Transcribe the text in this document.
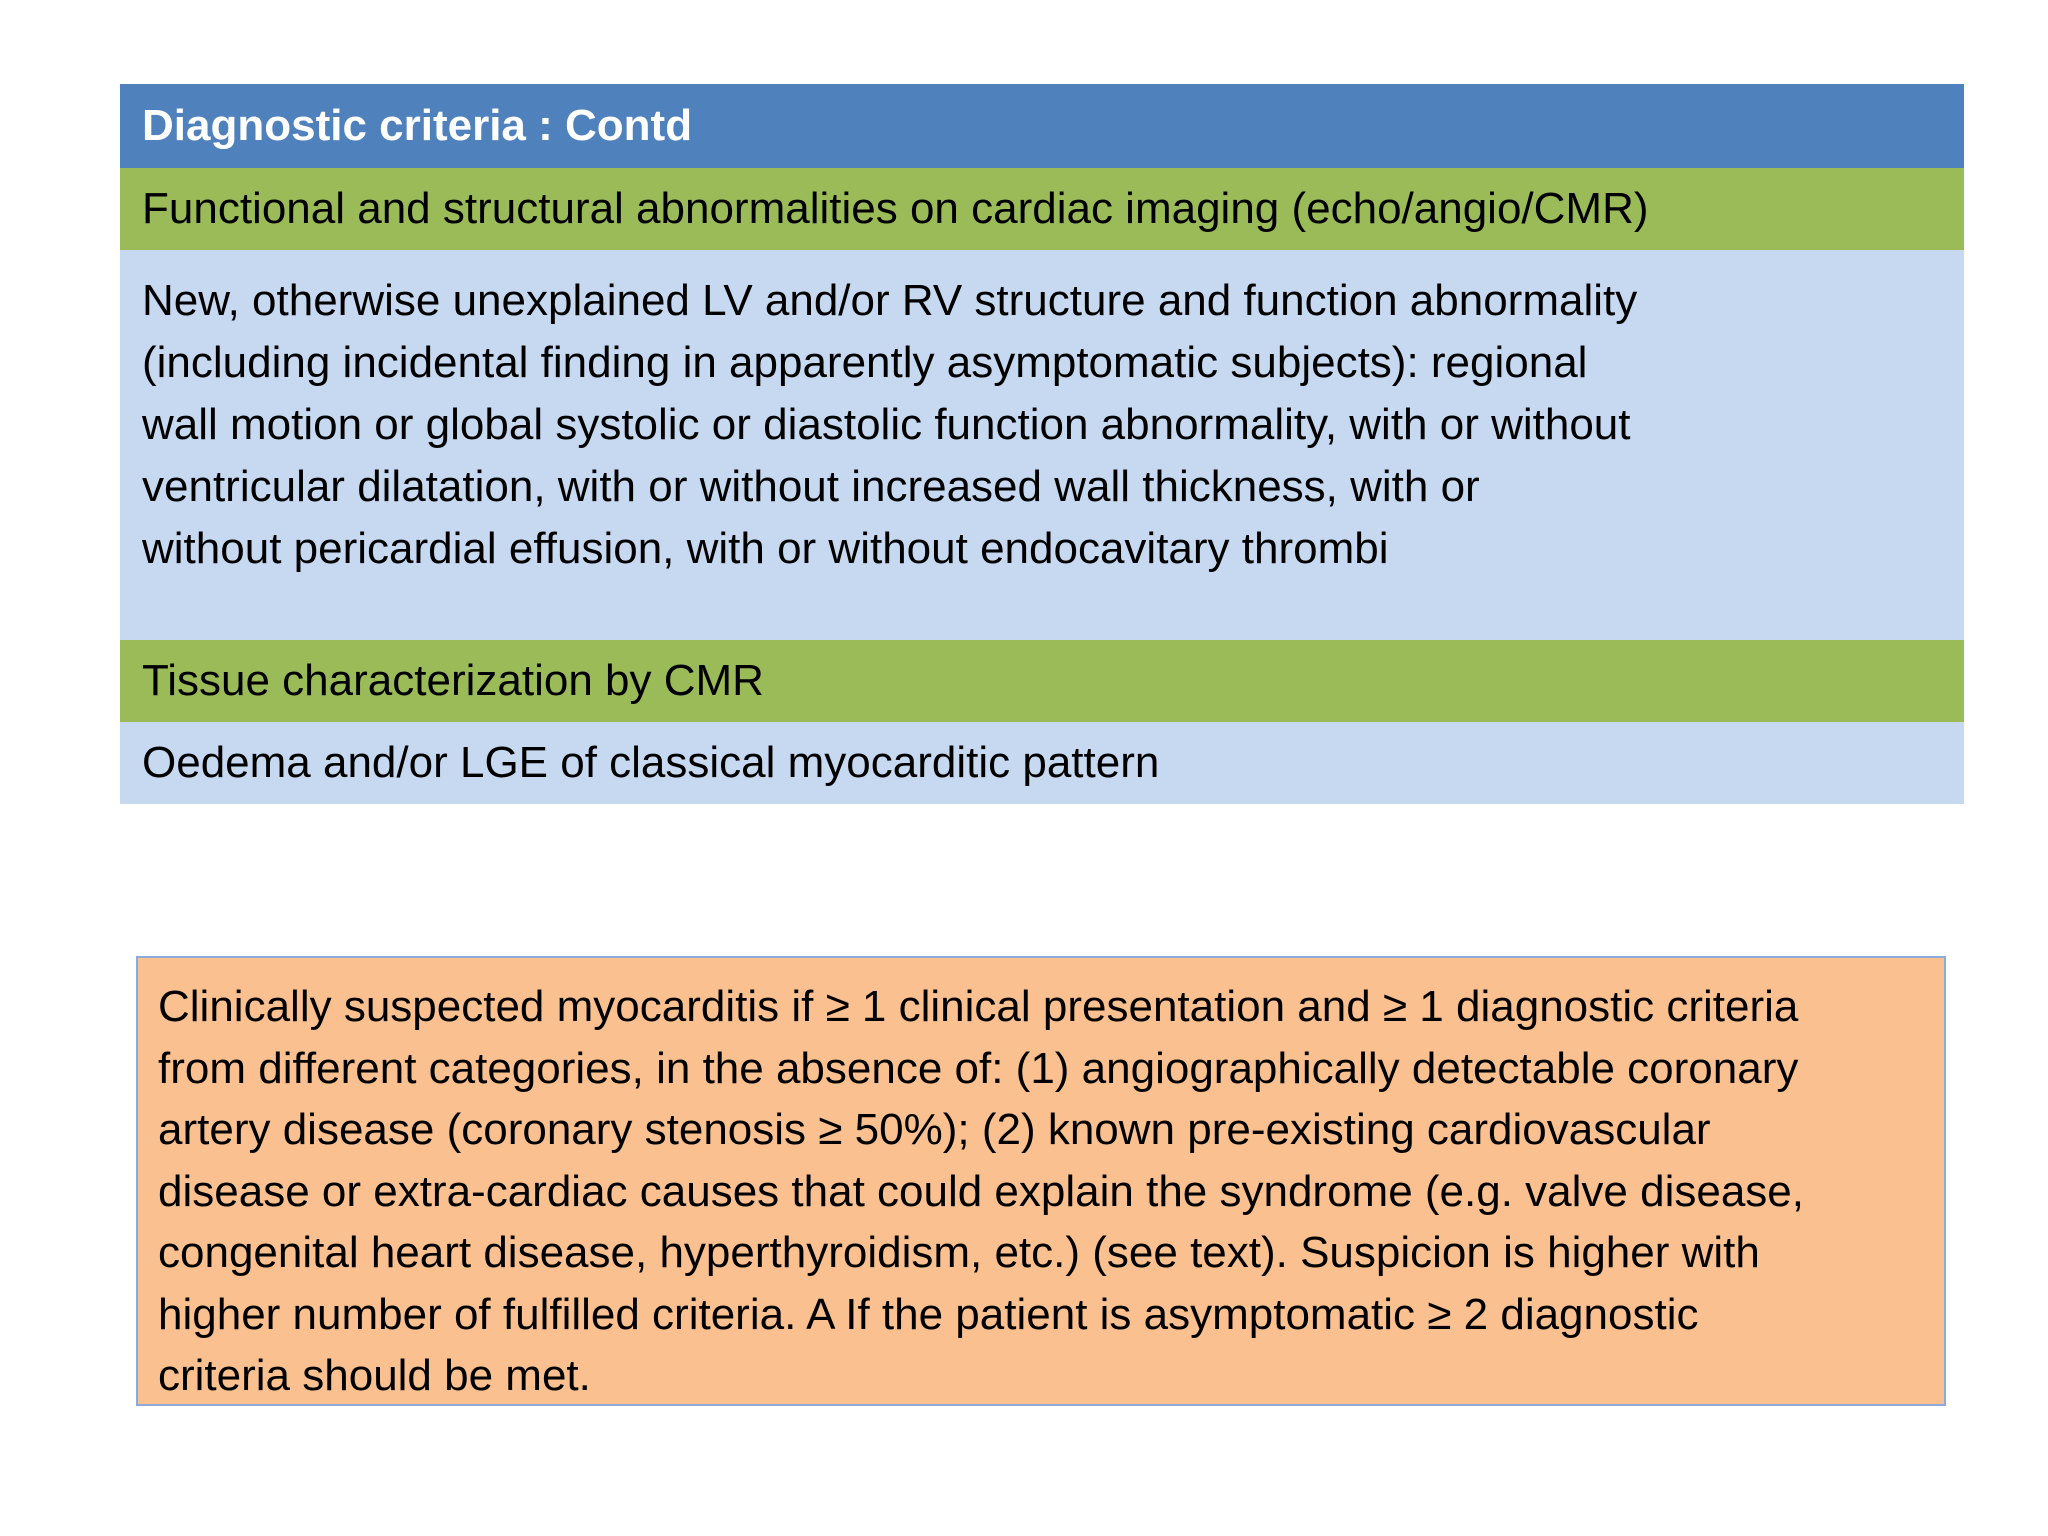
Diagnostic criteria : Contd
Functional and structural abnormalities on cardiac imaging (echo/angio/CMR)
New, otherwise unexplained LV and/or RV structure and function abnormality
(including incidental finding in apparently asymptomatic subjects): regional
wall motion or global systolic or diastolic function abnormality, with or without
ventricular dilatation, with or without increased wall thickness, with or
without pericardial effusion, with or without endocavitary thrombi
Tissue characterization by CMR
Oedema and/or LGE of classical myocarditic pattern
Clinically suspected myocarditis if ≥ 1 clinical presentation and ≥ 1 diagnostic criteria
from different categories, in the absence of: (1) angiographically detectable coronary
artery disease (coronary stenosis ≥ 50%); (2) known pre-existing cardiovascular
disease or extra-cardiac causes that could explain the syndrome (e.g. valve disease,
congenital heart disease, hyperthyroidism, etc.) (see text). Suspicion is higher with
higher number of fulfilled criteria. A If the patient is asymptomatic ≥ 2 diagnostic
criteria should be met.
